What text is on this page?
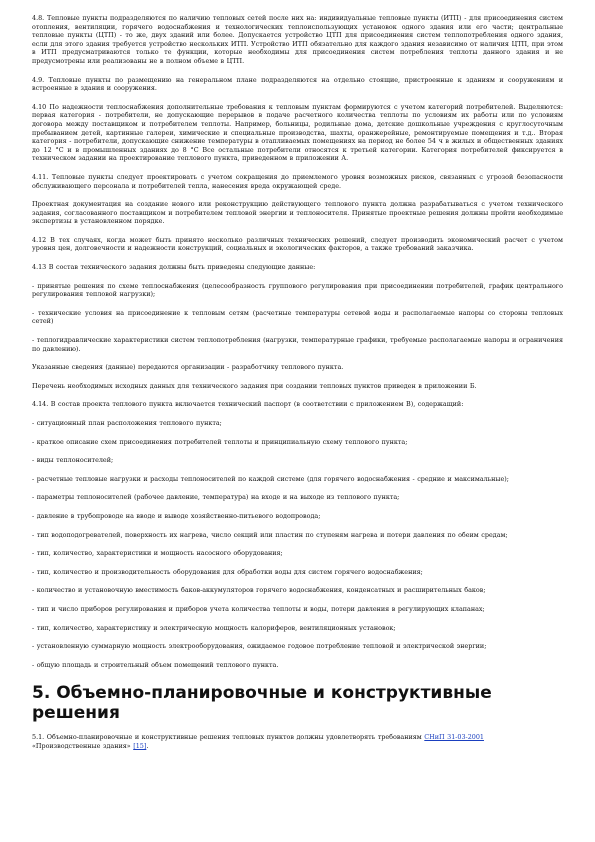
4.8. Тепловые пункты подразделяются по наличию тепловых сетей после них на: индивидуальные тепловые пункты (ИТП) - для присоединения систем отопления, вентиляции, горячего водоснабжения и технологических теплоиспользующих установок одного здания или его части; центральные тепловые пункты (ЦТП) - то же, двух зданий или более. Допускается устройство ЦТП для присоединения систем теплопотребления одного здания, если для этого здания требуется устройство нескольких ИТП. Устройство ИТП обязательно для каждого здания независимо от наличия ЦТП, при этом в ИТП предусматриваются только те функции, которые необходимы для присоединения систем потребления теплоты данного здания и не предусмотрены или реализованы не в полном объеме в ЦТП.

4.9. Тепловые пункты по размещению на генеральном плане подразделяются на отдельно стоящие, пристроенные к зданиям и сооружениям и встроенные в здания и сооружения.

4.10 По надежности теплоснабжения дополнительные требования к тепловым пунктам формируются с учетом категорий потребителей. Выделяются: первая категория - потребители, не допускающие перерывов в подаче расчетного количества теплоты по условиям их работы или по условиям договора между поставщиком и потребителем теплоты. Например, больницы, родильные дома, детские дошкольные учреждения с круглосуточным пребыванием детей, картинные галереи, химические и специальные производства, шахты, оранжерейные, ремонтируемые помещения и т.д.. Вторая категория - потребители, допускающие снижение температуры в отапливаемых помещениях на период не более 54 ч в жилых и общественных зданиях до 12 °С и в промышленных зданиях до 8 °С Все остальные потребители относятся к третьей категории. Категория потребителей фиксируется в техническом задании на проектирование теплового пункта, приведенном в приложении А.

4.11. Тепловые пункты следует проектировать с учетом сокращения до приемлемого уровня возможных рисков, связанных с угрозой безопасности обслуживающего персонала и потребителей тепла, нанесения вреда окружающей среде.

Проектная документация на создание нового или реконструкцию действующего теплового пункта должна разрабатываться с учетом технического задания, согласованного поставщиком и потребителем тепловой энергии и теплоносителя. Принятые проектные решения должны пройти необходимые экспертизы в установленном порядке.

4.12 В тех случаях, когда может быть принято несколько различных технических решений, следует производить экономический расчет с учетом уровня цен, долговечности и надежности конструкций, социальных и экологических факторов, а также требований заказчика.

4.13 В состав технического задания должны быть приведены следующие данные:

- принятые решения по схеме теплоснабжения (целесообразность группового регулирования при присоединении потребителей, график центрального регулирования тепловой нагрузки);

- технические условия на присоединение к тепловым сетям (расчетные температуры сетевой воды и располагаемые напоры со стороны тепловых сетей)

- теплогидравлические характеристики систем теплопотребления (нагрузки, температурные графики, требуемые располагаемые напоры и ограничения по давлению).

Указанные сведения (данные) передаются организации - разработчику теплового пункта.

Перечень необходимых исходных данных для технического задания при создании тепловых пунктов приведен в приложении Б.

4.14. В состав проекта теплового пункта включается технический паспорт (в соответствии с приложением В), содержащий:

- ситуационный план расположения теплового пункта;

- краткое описание схем присоединения потребителей теплоты и принципиальную схему теплового пункта;

- виды теплоносителей;

- расчетные тепловые нагрузки и расходы теплоносителей по каждой системе (для горячего водоснабжения - средние и максимальные);

- параметры теплоносителей (рабочее давление, температура) на входе и на выходе из теплового пункта;

- давление в трубопроводе на вводе и выводе хозяйственно-питьевого водопровода;

- тип водоподогревателей, поверхность их нагрева, число секций или пластин по ступеням нагрева и потери давления по обеим средам;

- тип, количество, характеристики и мощность насосного оборудования;

- тип, количество и производительность оборудования для обработки воды для систем горячего водоснабжения;

- количество и установочную вместимость баков-аккумуляторов горячего водоснабжения, конденсатных и расширительных баков;

- тип и число приборов регулирования и приборов учета количества теплоты и воды, потери давления в регулирующих клапанах;

- тип, количество, характеристику и электрическую мощность калориферов, вентиляционных установок;

- установленную суммарную мощность электрооборудования, ожидаемое годовое потребление тепловой и электрической энергии;

- общую площадь и строительный объем помещений теплового пункта.

5. Объемно-планировочные и конструктивные решения

5.1. Объемно-планировочные и конструктивные решения тепловых пунктов должны удовлетворять требованиям СНиП 31-03-2001
«Производственные здания» [15].
